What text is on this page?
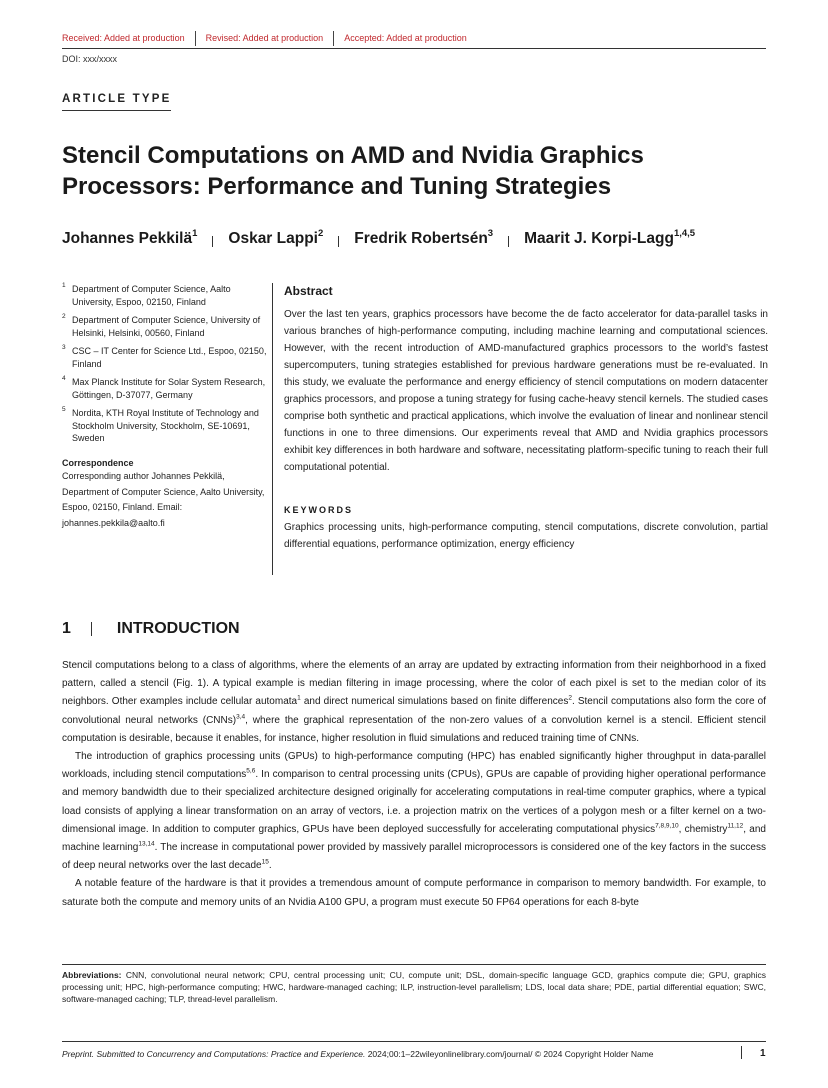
Received: Added at production	Revised: Added at production	Accepted: Added at production
DOI: xxx/xxxx
ARTICLE TYPE
Stencil Computations on AMD and Nvidia Graphics Processors: Performance and Tuning Strategies
Johannes Pekkilä$^1$ Oskar Lappi$^2$ Fredrik Robertsén$^3$ Maarit J. Korpi-Lagg$^{1,4,5}$
1 Department of Computer Science, Aalto University, Espoo, 02150, Finland
2 Department of Computer Science, University of Helsinki, Helsinki, 00560, Finland
3 CSC – IT Center for Science Ltd., Espoo, 02150, Finland
4 Max Planck Institute for Solar System Research, Göttingen, D-37077, Germany
5 Nordita, KTH Royal Institute of Technology and Stockholm University, Stockholm, SE-10691, Sweden
Correspondence
Corresponding author Johannes Pekkilä, Department of Computer Science, Aalto University, Espoo, 02150, Finland. Email: johannes.pekkila@aalto.fi
Abstract
Over the last ten years, graphics processors have become the de facto accelerator for data-parallel tasks in various branches of high-performance computing, including machine learning and computational sciences. However, with the recent introduction of AMD-manufactured graphics processors to the world’s fastest supercomputers, tuning strategies established for previous hardware generations must be re-evaluated. In this study, we evaluate the performance and energy efficiency of stencil computations on modern datacenter graphics processors, and propose a tuning strategy for fusing cache-heavy stencil kernels. The studied cases comprise both synthetic and practical applications, which involve the evaluation of linear and nonlinear stencil functions in one to three dimensions. Our experiments reveal that AMD and Nvidia graphics processors exhibit key differences in both hardware and software, necessitating platform-specific tuning to reach their full computational potential.
KEYWORDS
Graphics processing units, high-performance computing, stencil computations, discrete convolution, partial differential equations, performance optimization, energy efficiency
1	INTRODUCTION

Stencil computations belong to a class of algorithms, where the elements of an array are updated by extracting information from their neighborhood in a fixed pattern, called a stencil (Fig. 1). A typical example is median filtering in image processing, where the color of each pixel is set to the median color of its neighbors. Other examples include cellular automata$^1$ and direct numerical simulations based on finite differences$^2$. Stencil computations also form the core of convolutional neural networks (CNNs)$^{3,4}$, where the graphical representation of the non-zero values of a convolution kernel is a stencil. Efficient stencil computation is desirable, because it enables, for instance, higher resolution in fluid simulations and reduced training time of CNNs.

The introduction of graphics processing units (GPUs) to high-performance computing (HPC) has enabled significantly higher throughput in data-parallel workloads, including stencil computations$^{5,6}$. In comparison to central processing units (CPUs), GPUs are capable of providing higher operational performance and memory bandwidth due to their specialized architecture designed originally for accelerating computations in real-time computer graphics, where a typical load consists of applying a linear transformation on an array of vectors, i.e. a projection matrix on the vertices of a polygon mesh or a filter kernel on a two-dimensional image. In addition to computer graphics, GPUs have been deployed successfully for accelerating computational physics$^{7,8,9,10}$, chemistry$^{11,12}$, and machine learning$^{13,14}$. The increase in computational power provided by massively parallel microprocessors is considered one of the key factors in the success of deep neural networks over the last decade$^{15}$.

A notable feature of the hardware is that it provides a tremendous amount of compute performance in comparison to memory bandwidth. For example, to saturate both the compute and memory units of an Nvidia A100 GPU, a program must execute 50 FP64 operations for each 8-byte

Abbreviations: CNN, convolutional neural network; CPU, central processing unit; CU, compute unit; DSL, domain-specific language GCD, graphics compute die; GPU, graphics processing unit; HPC, high-performance computing; HWC, hardware-managed caching; ILP, instruction-level parallelism; LDS, local data share; PDE, partial differential equation; SWC, software-managed caching; TLP, thread-level parallelism.
Preprint. Submitted to Concurrency and Computations: Practice and Experience. 2024;00:1–22wileyonlinelibrary.com/journal/ © 2024 Copyright Holder Name	1
